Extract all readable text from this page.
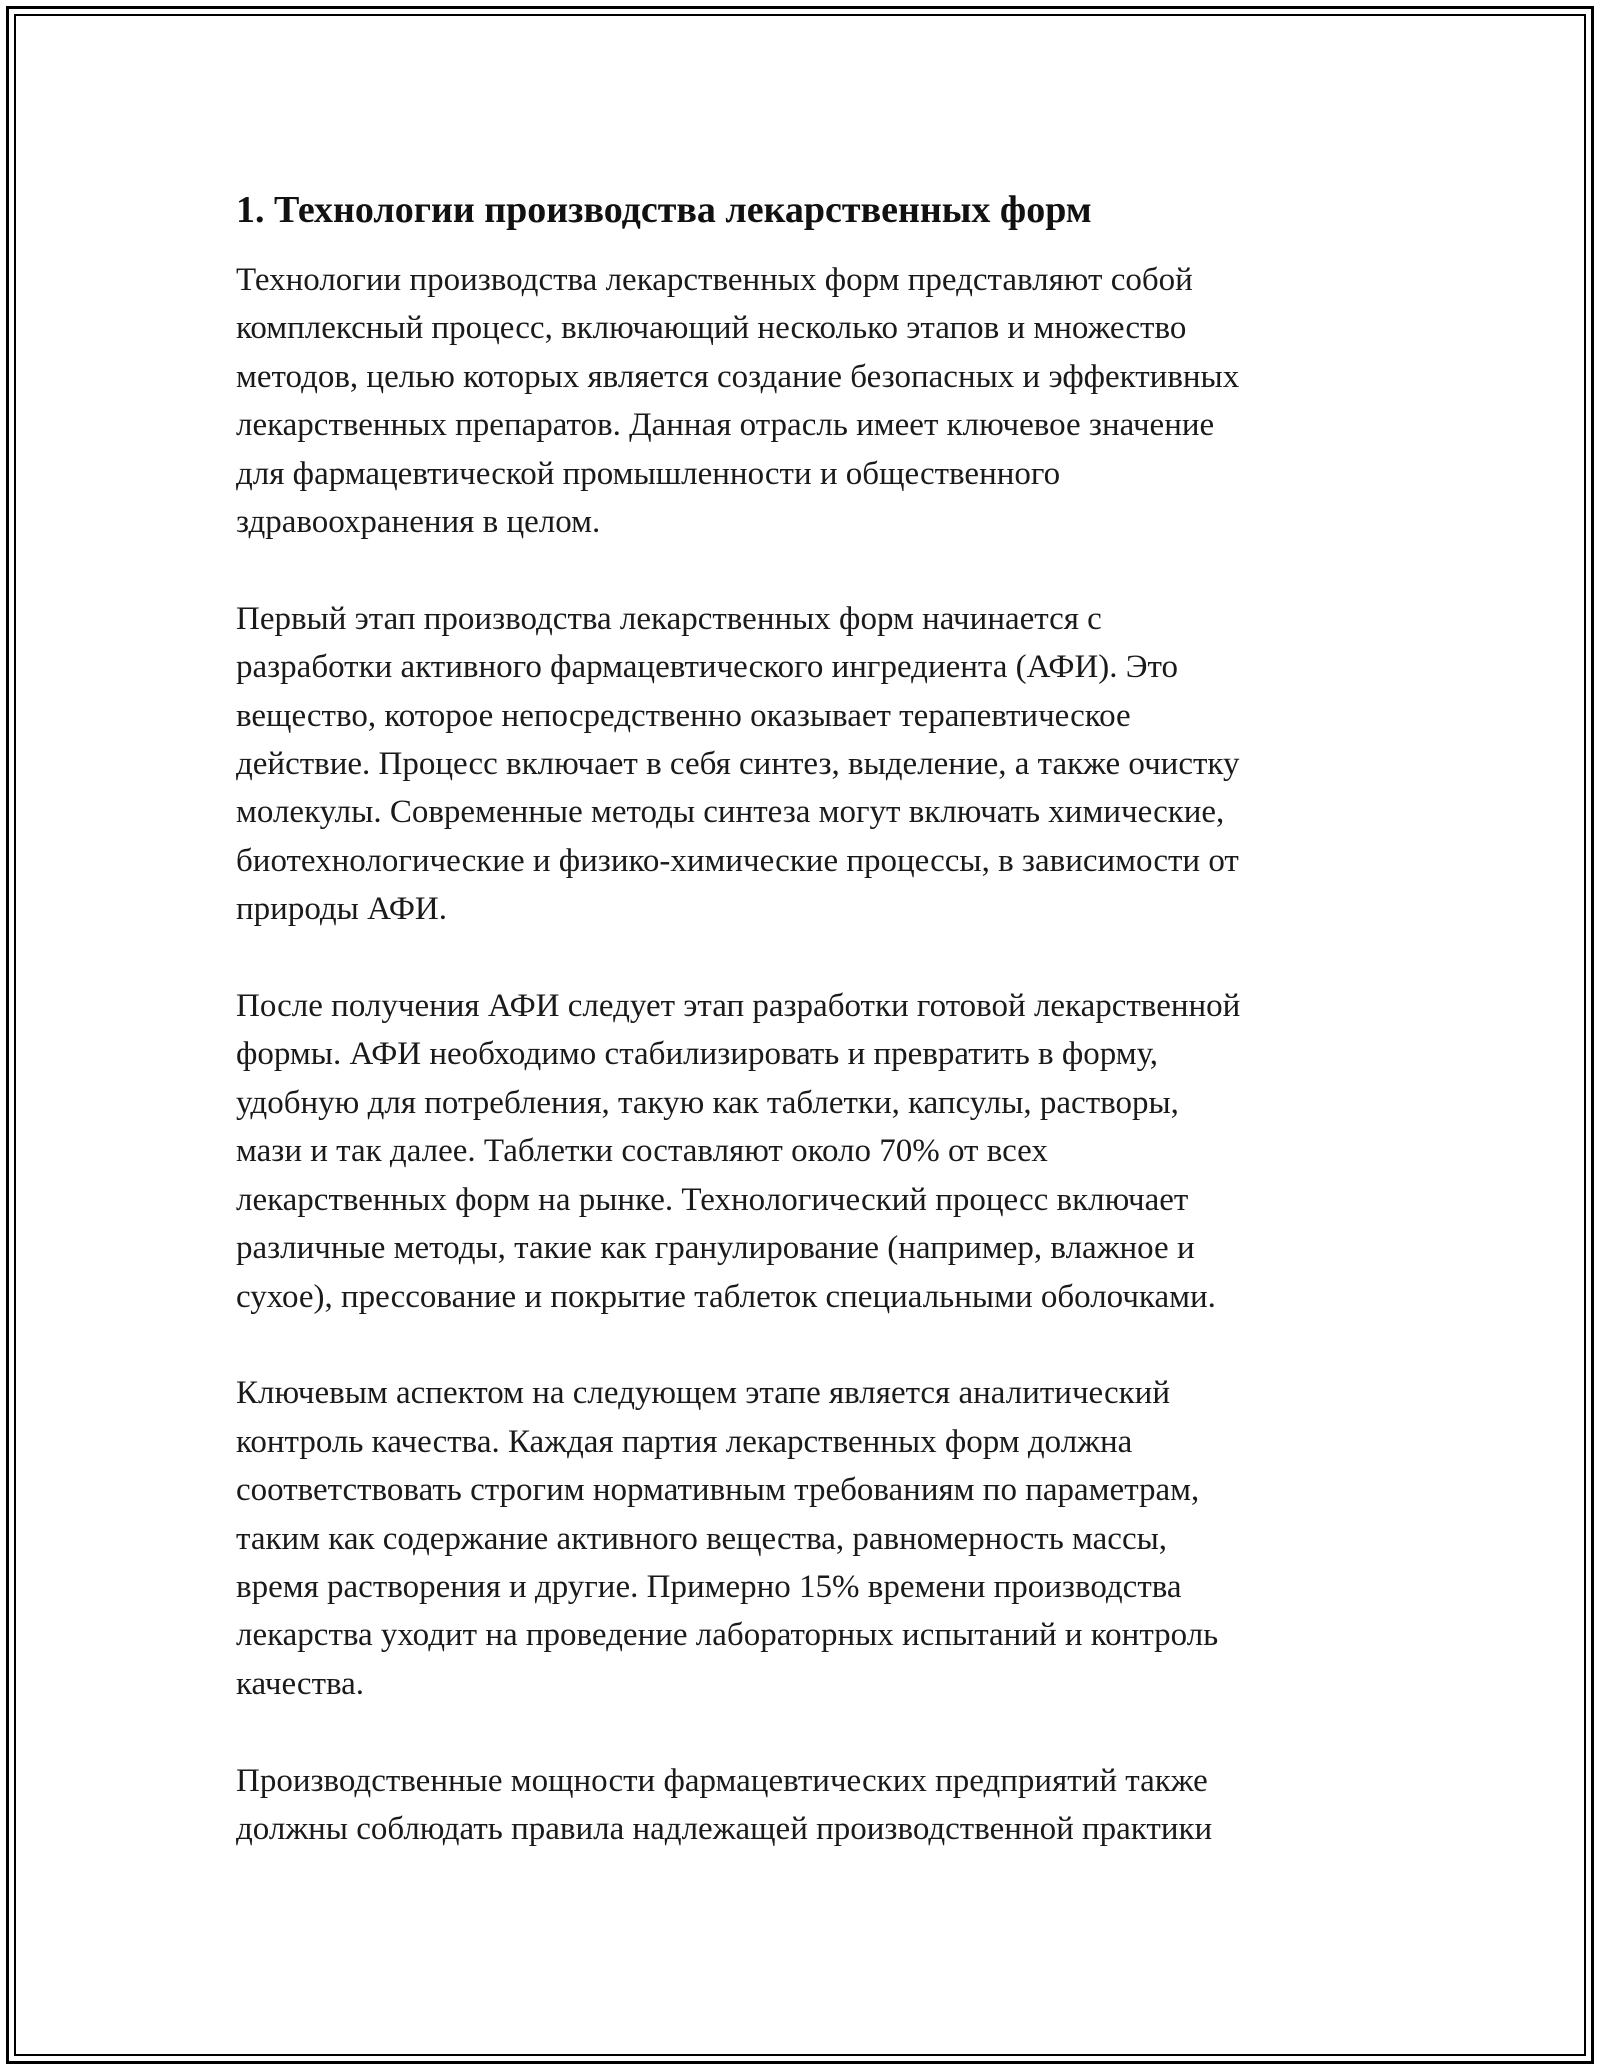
1. Технологии производства лекарственных форм
Технологии производства лекарственных форм представляют собой
комплексный процесс, включающий несколько этапов и множество
методов, целью которых является создание безопасных и эффективных
лекарственных препаратов. Данная отрасль имеет ключевое значение
для фармацевтической промышленности и общественного
здравоохранения в целом.
Первый этап производства лекарственных форм начинается с
разработки активного фармацевтического ингредиента (АФИ). Это
вещество, которое непосредственно оказывает терапевтическое
действие. Процесс включает в себя синтез, выделение, а также очистку
молекулы. Современные методы синтеза могут включать химические,
биотехнологические и физико-химические процессы, в зависимости от
природы АФИ.
После получения АФИ следует этап разработки готовой лекарственной
формы. АФИ необходимо стабилизировать и превратить в форму,
удобную для потребления, такую как таблетки, капсулы, растворы,
мази и так далее. Таблетки составляют около 70% от всех
лекарственных форм на рынке. Технологический процесс включает
различные методы, такие как гранулирование (например, влажное и
сухое), прессование и покрытие таблеток специальными оболочками.
Ключевым аспектом на следующем этапе является аналитический
контроль качества. Каждая партия лекарственных форм должна
соответствовать строгим нормативным требованиям по параметрам,
таким как содержание активного вещества, равномерность массы,
время растворения и другие. Примерно 15% времени производства
лекарства уходит на проведение лабораторных испытаний и контроль
качества.
Производственные мощности фармацевтических предприятий также
должны соблюдать правила надлежащей производственной практики
